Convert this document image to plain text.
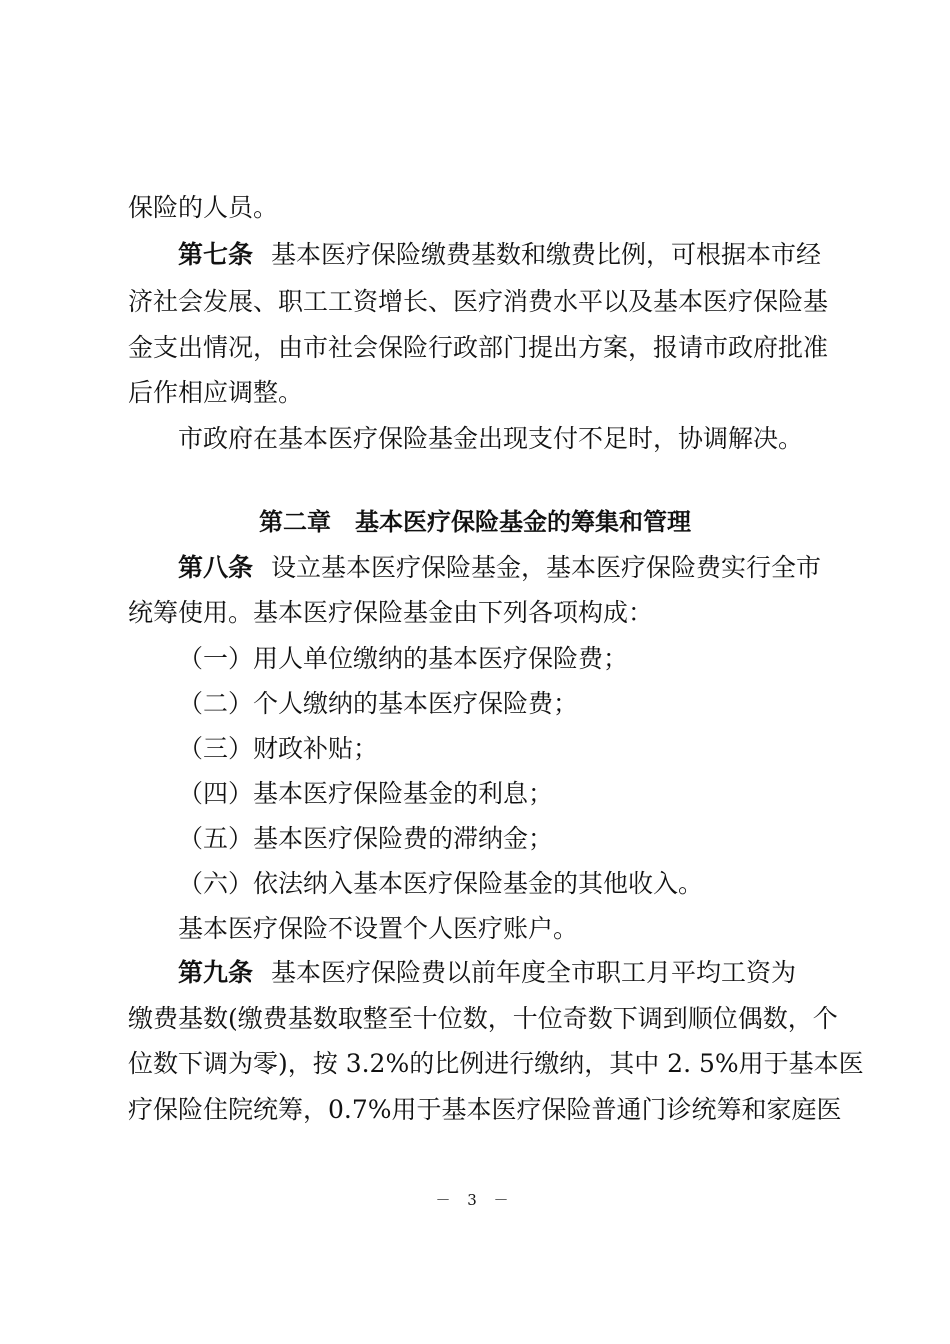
保险的人员。
第七条 基本医疗保险缴费基数和缴费比例，可根据本市经
济社会发展、职工工资增长、医疗消费水平以及基本医疗保险基
金支出情况，由市社会保险行政部门提出方案，报请市政府批准
后作相应调整。
市政府在基本医疗保险基金出现支付不足时，协调解决。
第二章 基本医疗保险基金的筹集和管理
第八条 设立基本医疗保险基金，基本医疗保险费实行全市
统筹使用。基本医疗保险基金由下列各项构成：
（一）用人单位缴纳的基本医疗保险费；
（二）个人缴纳的基本医疗保险费；
（三）财政补贴；
（四）基本医疗保险基金的利息；
（五）基本医疗保险费的滞纳金；
（六）依法纳入基本医疗保险基金的其他收入。
基本医疗保险不设置个人医疗账户。
第九条 基本医疗保险费以前年度全市职工月平均工资为
缴费基数(缴费基数取整至十位数，十位奇数下调到顺位偶数，个
位数下调为零)，按 3.2%的比例进行缴纳，其中 2. 5%用于基本医
疗保险住院统筹，0.7%用于基本医疗保险普通门诊统筹和家庭医
－ 3 －
